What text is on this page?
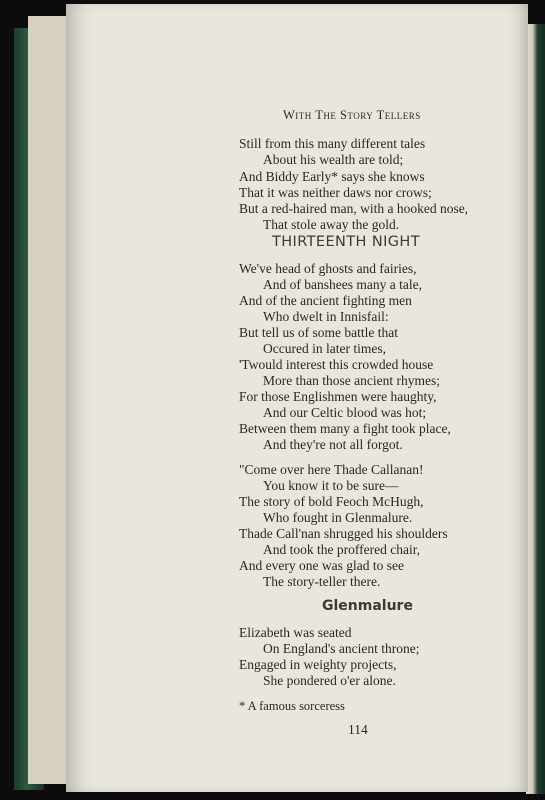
With The Story Tellers
Still from this many different tales
About his wealth are told;
And Biddy Early* says she knows
That it was neither daws nor crows;
But a red-haired man, with a hooked nose,
That stole away the gold.
THIRTEENTH NIGHT
We've head of ghosts and fairies,
And of banshees many a tale,
And of the ancient fighting men
Who dwelt in Innisfail:
But tell us of some battle that
Occured in later times,
'Twould interest this crowded house
More than those ancient rhymes;
For those Englishmen were haughty,
And our Celtic blood was hot;
Between them many a fight took place,
And they're not all forgot.
"Come over here Thade Callanan!
You know it to be sure—
The story of bold Feoch McHugh,
Who fought in Glenmalure.
Thade Call'nan shrugged his shoulders
And took the proffered chair,
And every one was glad to see
The story-teller there.
Glenmalure
Elizabeth was seated
On England's ancient throne;
Engaged in weighty projects,
She pondered o'er alone.
* A famous sorceress
114
